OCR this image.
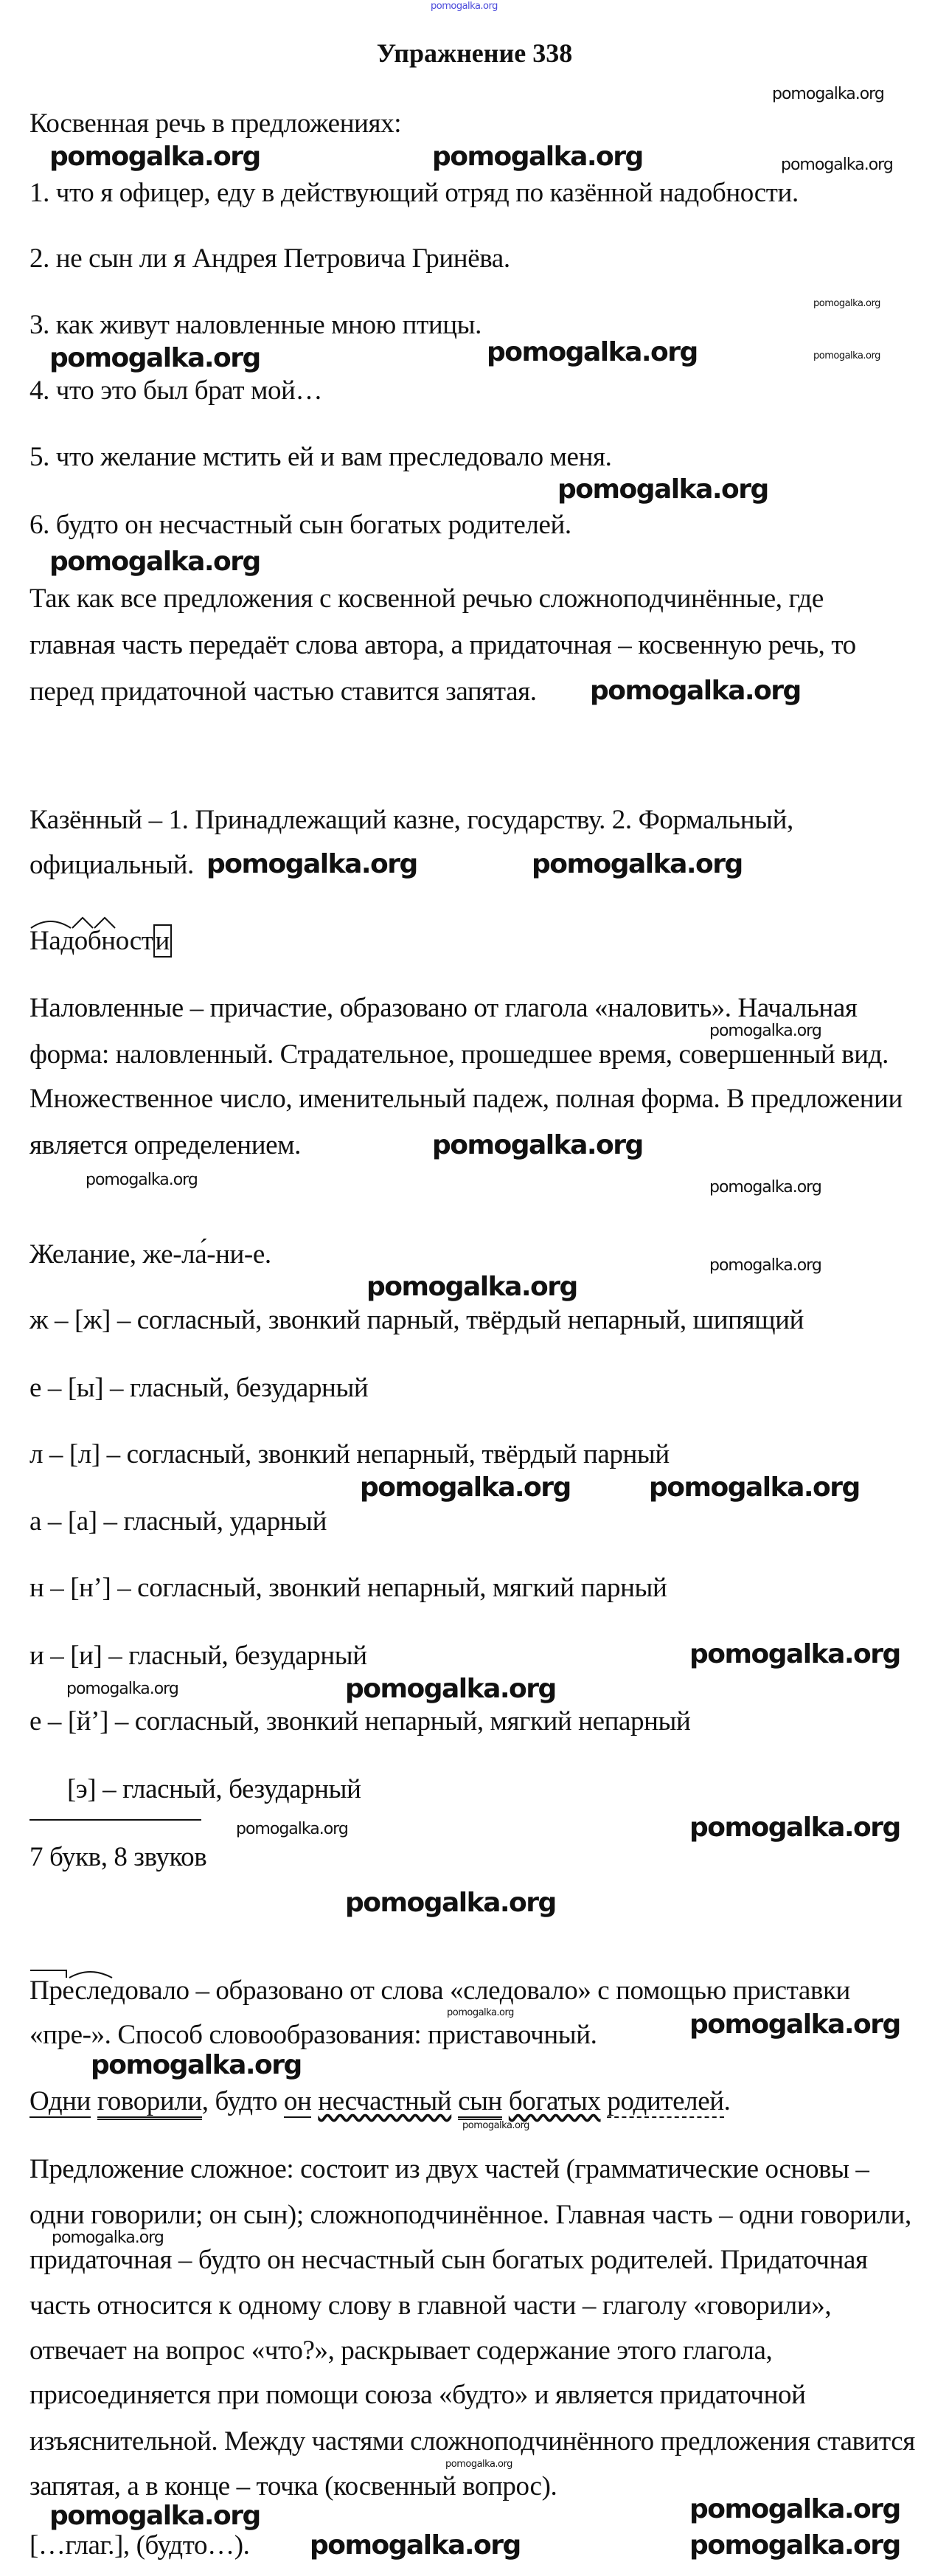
pomogalka.org
Упражнение 338
Косвенная речь в предложениях:
1. что я офицер, еду в действующий отряд по казённой надобности.
2. не сын ли я Андрея Петровича Гринёва.
3. как живут наловленные мною птицы.
4. что это был брат мой…
5. что желание мстить ей и вам преследовало меня.
6. будто он несчастный сын богатых родителей.
Так как все предложения с косвенной речью сложноподчинённые, где
главная часть передаёт слова автора, а придаточная – косвенную речь, то
перед придаточной частью ставится запятая.
Казённый – 1. Принадлежащий казне, государству. 2. Формальный,
официальный.
Надобности
Наловленные – причастие, образовано от глагола «наловить». Начальная
форма: наловленный. Страдательное, прошедшее время, совершенный вид.
Множественное число, именительный падеж, полная форма. В предложении
является определением.
Желание, же-ла́-ни-е.
ж – [ж] – согласный, звонкий парный, твёрдый непарный, шипящий
е – [ы] – гласный, безударный
л – [л] – согласный, звонкий непарный, твёрдый парный
а – [а] – гласный, ударный
н – [н’] – согласный, звонкий непарный, мягкий парный
и – [и] – гласный, безударный
е – [й’] – согласный, звонкий непарный, мягкий непарный
[э] – гласный, безударный
7 букв, 8 звуков
Преследовало – образовано от слова «следовало» с помощью приставки
«пре-». Способ словообразования: приставочный.
Одни говорили, будто он несчастный сын богатых родителей.
Предложение сложное: состоит из двух частей (грамматические основы –
одни говорили; он сын); сложноподчинённое. Главная часть – одни говорили,
придаточная – будто он несчастный сын богатых родителей. Придаточная
часть относится к одному слову в главной части – глаголу «говорили»,
отвечает на вопрос «что?», раскрывает содержание этого глагола,
присоединяется при помощи союза «будто» и является придаточной
изъяснительной. Между частями сложноподчинённого предложения ставится
запятая, а в конце – точка (косвенный вопрос).
[…глаг.], (будто…).
pomogalka.org
pomogalka.org	pomogalka.org	pomogalka.org
pomogalka.org
pomogalka.org	pomogalka.org
pomogalka.org
pomogalka.org
pomogalka.org
pomogalka.org
pomogalka.org	pomogalka.org
pomogalka.org
pomogalka.org
pomogalka.org
pomogalka.org
pomogalka.org
pomogalka.org
pomogalka.org	pomogalka.org
pomogalka.org
pomogalka.org	pomogalka.org
pomogalka.org	pomogalka.org
pomogalka.org
pomogalka.org	pomogalka.org
pomogalka.org
pomogalka.org
pomogalka.org
pomogalka.org
pomogalka.org
pomogalka.org
pomogalka.org
pomogalka.org
